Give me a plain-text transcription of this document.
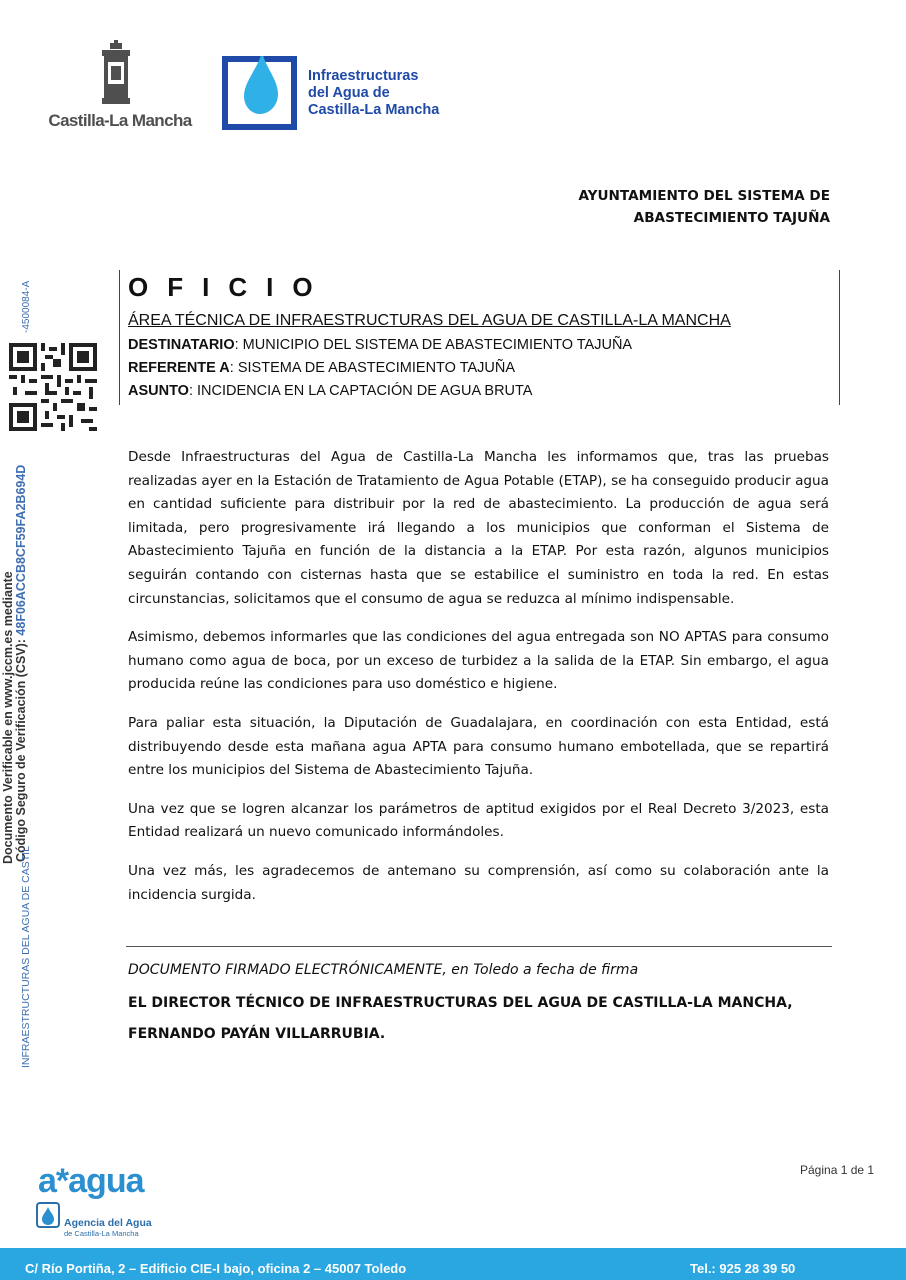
Castilla-La Mancha
Infraestructuras
del Agua de
Castilla-La Mancha
AYUNTAMIENTO DEL SISTEMA DE
ABASTECIMIENTO TAJUÑA
OFICIO
ÁREA TÉCNICA DE INFRAESTRUCTURAS DEL AGUA DE CASTILLA-LA MANCHA
DESTINATARIO: MUNICIPIO DEL SISTEMA DE ABASTECIMIENTO TAJUÑA
REFERENTE A: SISTEMA DE ABASTECIMIENTO TAJUÑA
ASUNTO: INCIDENCIA EN LA CAPTACIÓN DE AGUA BRUTA

Desde Infraestructuras del Agua de Castilla-La Mancha les informamos que, tras las pruebas realizadas ayer en la Estación de Tratamiento de Agua Potable (ETAP), se ha conseguido producir agua en cantidad suficiente para distribuir por la red de abastecimiento. La producción de agua será limitada, pero progresivamente irá llegando a los municipios que conforman el Sistema de Abastecimiento Tajuña en función de la distancia a la ETAP. Por esta razón, algunos municipios seguirán contando con cisternas hasta que se estabilice el suministro en toda la red. En estas circunstancias, solicitamos que el consumo de agua se reduzca al mínimo indispensable.

Asimismo, debemos informarles que las condiciones del agua entregada son NO APTAS para consumo humano como agua de boca, por un exceso de turbidez a la salida de la ETAP. Sin embargo, el agua producida reúne las condiciones para uso doméstico e higiene.

Para paliar esta situación, la Diputación de Guadalajara, en coordinación con esta Entidad, está distribuyendo desde esta mañana agua APTA para consumo humano embotellada, que se repartirá entre los municipios del Sistema de Abastecimiento Tajuña.

Una vez que se logren alcanzar los parámetros de aptitud exigidos por el Real Decreto 3/2023, esta Entidad realizará un nuevo comunicado informándoles.

Una vez más, les agradecemos de antemano su comprensión, así como su colaboración ante la incidencia surgida.

DOCUMENTO FIRMADO ELECTRÓNICAMENTE, en Toledo a fecha de firma
EL DIRECTOR TÉCNICO DE INFRAESTRUCTURAS DEL AGUA DE CASTILLA-LA MANCHA,
FERNANDO PAYÁN VILLARRUBIA.
-4500084-A
Documento Verificable en www.jccm.es mediante Código Seguro de Verificación (CSV): 48F06ACCB8CF59FA2B694D
INFRAESTRUCTURAS DEL AGUA DE CASTIL
Página 1 de 1
a*agua
Agencia del Agua
de Castilla-La Mancha
C/ Río Portiña, 2 – Edificio CIE-I bajo, oficina 2 – 45007 Toledo	Tel.: 925 28 39 50
